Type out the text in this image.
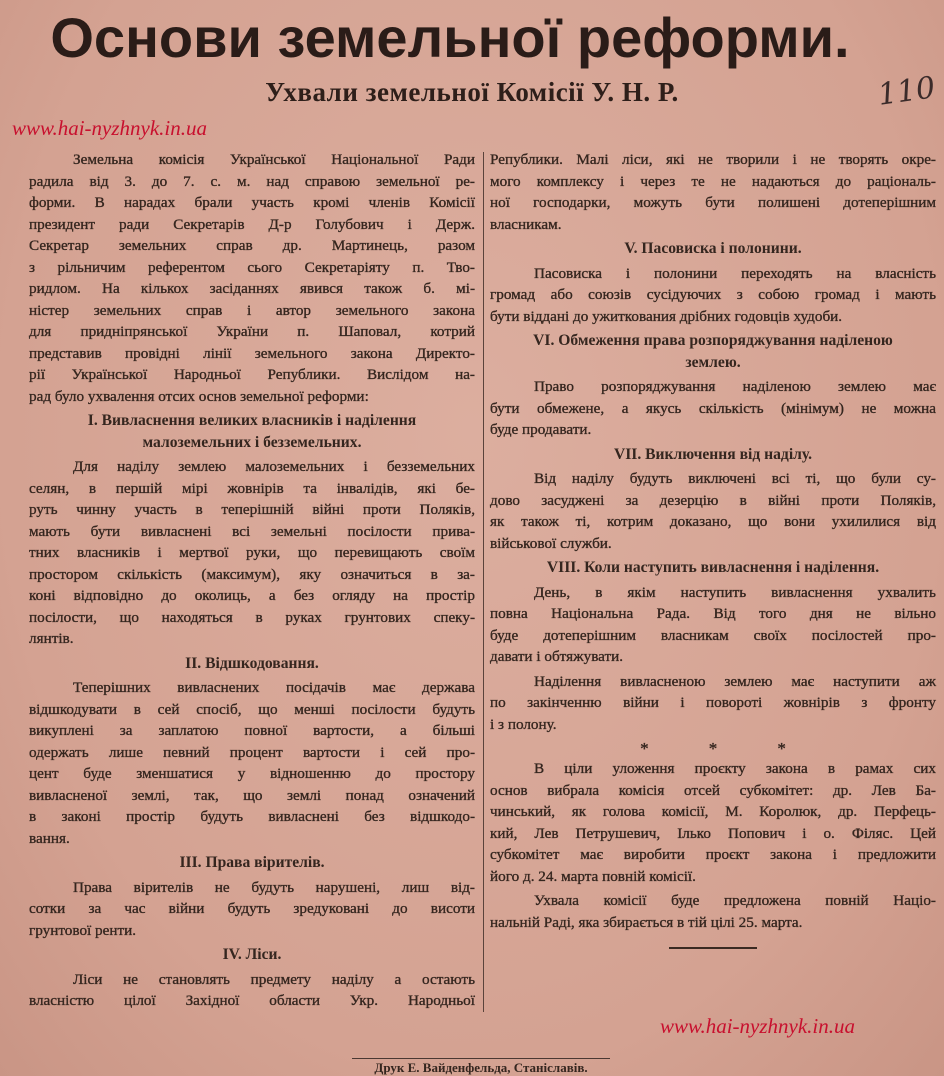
Основи земельної реформи.
Ухвали земельної Комісії У. Н. Р.	110
www.hai-nyzhnyk.in.ua
Земельна комісія Української Національної Ради
радила від 3. до 7. с. м. над справою земельної ре-
форми. В нарадах брали участь кромі членів Комісії
президент ради Секретарів Д-р Голубович і Держ.
Секретар земельних справ др. Мартинець, разом
з рільничим референтом сього Секретаріяту п. Тво-
ридлом. На кількох засіданнях явився також б. мі-
ністер земельних справ і автор земельного закона
для придніпрянської України п. Шаповал, котрий
представив провідні лінії земельного закона Директо-
рії Української Народньої Републики. Вислідом на-
рад було ухвалення отсих основ земельної реформи:
І. Вивласнення великих власників і наділення
малоземельних і безземельних.
Для наділу землею малоземельних і безземельних
селян, в першій мірі жовнірів та інвалідів, які бе-
руть чинну участь в теперішній війні проти Поляків,
мають бути вивласнені всі земельні посілости прива-
тних власників і мертвої руки, що перевищають своїм
простором скількість (максимум), яку означиться в за-
коні відповідно до околиць, а без огляду на простір
посілости, що находяться в руках грунтових спеку-
лянтів.
II. Відшкодовання.
Теперішних вивласнених посідачів має держава
відшкодувати в сей спосіб, що менші посілости будуть
викуплені за заплатою повної вартости, а більші
одержать лише певний процент вартости і сей про-
цент буде зменшатися у відношенню до простору
вивласненої землі, так, що землі понад означений
в законі простір будуть вивласнені без відшкодо-
вання.
III. Права вірителів.
Права вірителів не будуть нарушені, лиш від-
сотки за час війни будуть зредуковані до висоти
грунтової ренти.
IV. Ліси.
Ліси не становлять предмету наділу а остають
власністю цілої Західної области Укр. Народньої
Републики. Малі ліси, які не творили і не творять окре-
мого комплексу і через те не надаються до раціональ-
ної господарки, можуть бути полишені дотеперішним
власникам.
V. Пасовиска і полонини.
Пасовиска і полонини переходять на власність
громад або союзів сусідуючих з собою громад і мають
бути віддані до ужиткования дрібних годовців худоби.
VI. Обмеження права розпоряджування наділеною
землею.
Право розпоряджування наділеною землею має
бути обмежене, а якусь скількість (мінімум) не можна
буде продавати.
VII. Виключення від наділу.
Від наділу будуть виключені всі ті, що були су-
дово засуджені за дезерцію в війні проти Поляків,
як також ті, котрим доказано, що вони ухилилися від
військової служби.
VIII. Коли наступить вивласнення і наділення.
День, в якім наступить вивласнення ухвалить
повна Національна Рада. Від того дня не вільно
буде дотеперішним власникам своїх посілостей про-
давати і обтяжувати.
Наділення вивласненою землею має наступити аж
по закінченню війни і повороті жовнірів з фронту
і з полону.
*	*	*
В ціли уложення проєкту закона в рамах сих
основ вибрала комісія отсей субкомітет: др. Лев Ба-
чинський, як голова комісії, М. Королюк, др. Перфець-
кий, Лев Петрушевич, Ілько Попович і о. Філяс. Цей
субкомітет має виробити проєкт закона і предложити
його д. 24. марта повній комісії.
Ухвала комісії буде предложена повній Націо-
нальній Раді, яка збирається в тій цілі 25. марта.
www.hai-nyzhnyk.in.ua
Друк Е. Вайденфельда, Станіславів.
